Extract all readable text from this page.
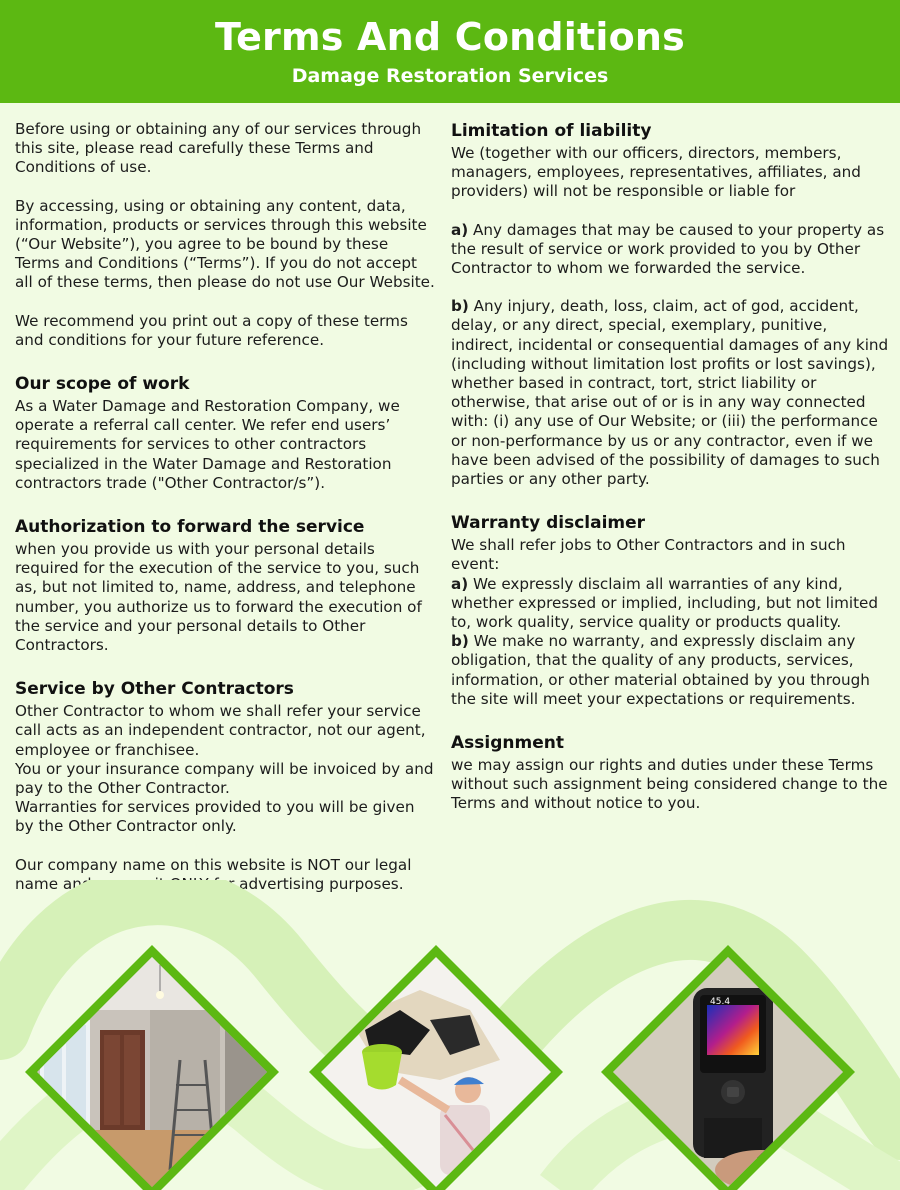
Terms And Conditions
Damage Restoration Services

Before using or obtaining any of our services through this site, please read carefully these Terms and Conditions of use.

By accessing, using or obtaining any content, data, information, products or services through this website (“Our Website”), you agree to be bound by these Terms and Conditions (“Terms”). If you do not accept all of these terms, then please do not use Our Website.

We recommend you print out a copy of these terms and conditions for your future reference.

Our scope of work

As a Water Damage and Restoration Company, we operate a referral call center. We refer end users’ requirements for services to other contractors specialized in the Water Damage and Restoration contractors trade ("Other Contractor/s”).

Authorization to forward the service

when you provide us with your personal details required for the execution of the service to you, such as, but not limited to, name, address, and telephone number, you authorize us to forward the execution of the service and your personal details to Other Contractors.

Service by Other Contractors

Other Contractor to whom we shall refer your service call acts as an independent contractor, not our agent, employee or franchisee.

You or your insurance company will be invoiced by and pay to the Other Contractor.

Warranties for services provided to you will be given by the Other Contractor only.

Our company name on this website is NOT our legal name and we use it ONLY for advertising purposes.

Limitation of liability

We (together with our officers, directors, members, managers, employees, representatives, affiliates, and providers) will not be responsible or liable for

a) Any damages that may be caused to your property as the result of service or work provided to you by Other Contractor to whom we forwarded the service.

b) Any injury, death, loss, claim, act of god, accident, delay, or any direct, special, exemplary, punitive, indirect, incidental or consequential damages of any kind (including without limitation lost profits or lost savings), whether based in contract, tort, strict liability or otherwise, that arise out of or is in any way connected with: (i) any use of Our Website; or (iii) the performance or non-performance by us or any contractor, even if we have been advised of the possibility of damages to such parties or any other party.

Warranty disclaimer

We shall refer jobs to Other Contractors and in such event:

a) We expressly disclaim all warranties of any kind, whether expressed or implied, including, but not limited to, work quality, service quality or products quality.

b) We make no warranty, and expressly disclaim any obligation, that the quality of any products, services, information, or other material obtained by you through the site will meet your expectations or requirements.

Assignment

we may assign our rights and duties under these Terms without such assignment being considered change to the Terms and without notice to you.

45.4
